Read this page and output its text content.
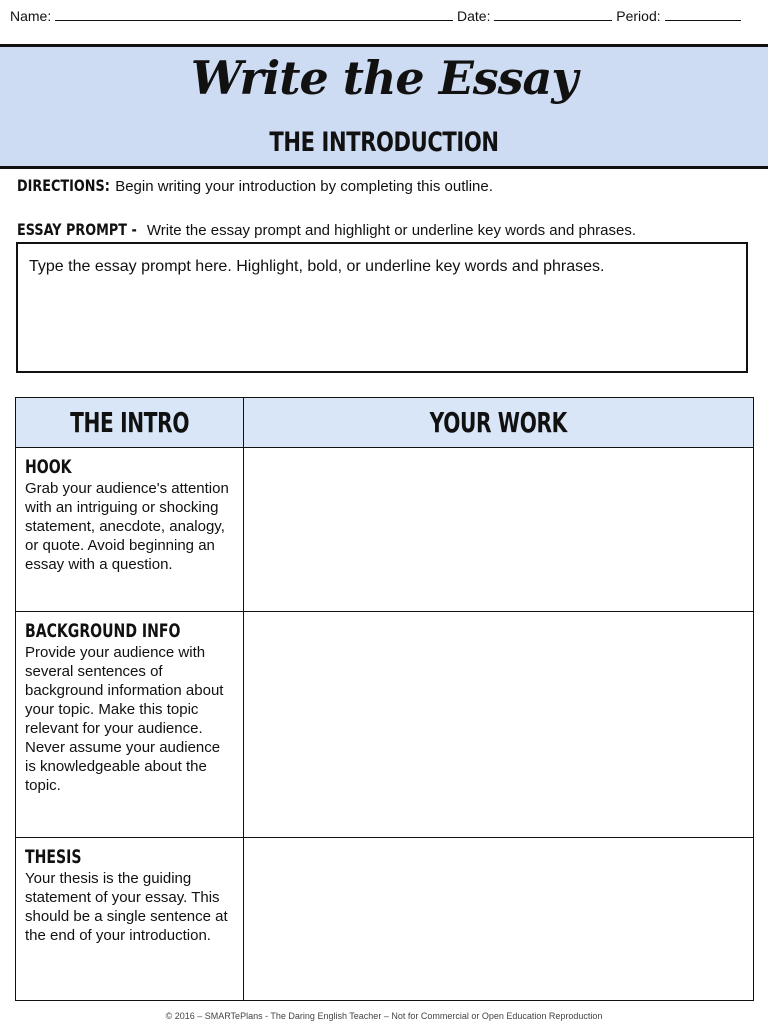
Name:	Date:	Period:
Write the Essay
THE INTRODUCTION
DIRECTIONS: Begin writing your introduction by completing this outline.
ESSAY PROMPT - Write the essay prompt and highlight or underline key words and phrases.
Type the essay prompt here. Highlight, bold, or underline key words and phrases.
THE INTRO	YOUR WORK
HOOK
Grab your audience's attention with an intriguing or shocking statement, anecdote, analogy, or quote. Avoid beginning an essay with a question.	

BACKGROUND INFO
Provide your audience with several sentences of background information about your topic. Make this topic relevant for your audience. Never assume your audience is knowledgeable about the topic.	

THESIS
Your thesis is the guiding statement of your essay. This should be a single sentence at the end of your introduction.	

© 2016 – SMARTePlans - The Daring English Teacher – Not for Commercial or Open Education Reproduction
